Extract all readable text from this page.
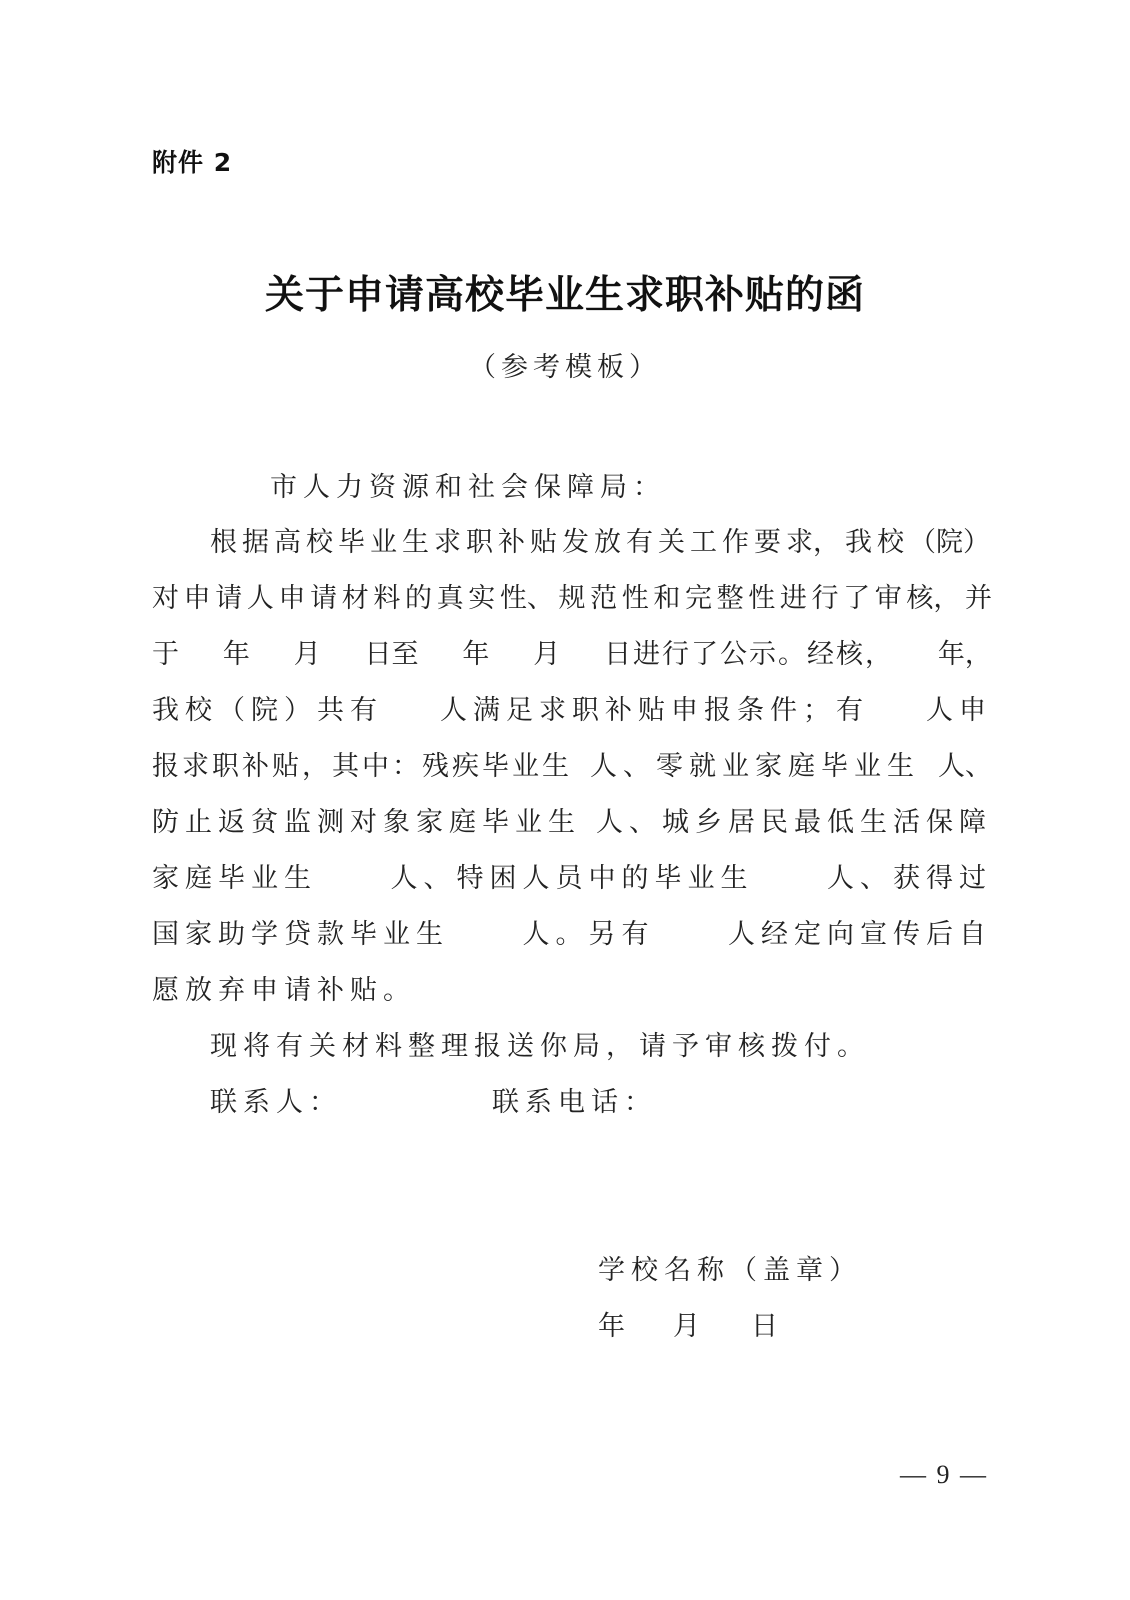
附件 2
关于申请高校毕业生求职补贴的函
（参考模板）
市人力资源和社会保障局：
根 据 高 校 毕 业 生 求 职 补 贴 发 放 有 关 工 作 要 求， 我 校 （院）
对 申 请 人 申 请 材 料 的 真 实 性、 规 范 性 和 完 整 性 进 行 了 审 核， 并
于 年 月 日至 年 月 日进行了公示。经核， 年，
我校（院）共有 人满足求职补贴申报条件；有 人申
报求职补贴，其中：残疾毕业生 人、零就业家庭毕业生 人、
防止返贫监测对象家庭毕业生 人、城乡居民最低生活保障
家庭毕业生	人、特困人员中的毕业生	人、获得过
国家助学贷款毕业生	人。另有	人经定向宣传后自
愿放弃申请补贴。
现将有关材料整理报送你局，请予审核拨付。
联系人：	联系电话：
学校名称（盖章）
年	月	日
— 9 —
